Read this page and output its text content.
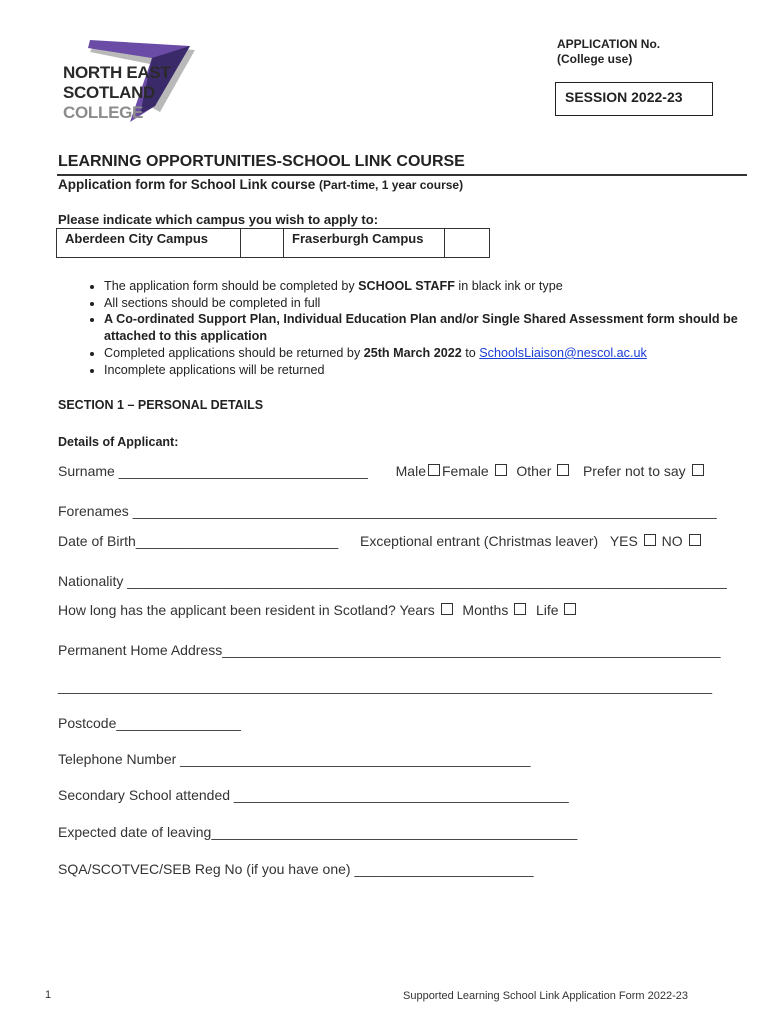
NORTH EAST
SCOTLAND
COLLEGE
APPLICATION No.
(College use)
SESSION 2022-23
LEARNING OPPORTUNITIES-SCHOOL LINK COURSE
Application form for School Link course (Part-time, 1 year course)
Please indicate which campus you wish to apply to:
Aberdeen City Campus		Fraserburgh Campus	
• The application form should be completed by SCHOOL STAFF in black ink or type
• All sections should be completed in full
• A Co-ordinated Support Plan, Individual Education Plan and/or Single Shared Assessment form should be attached to this application
• Completed applications should be returned by 25th March 2022 to SchoolsLiaison@nescol.ac.uk
• Incomplete applications will be returned
SECTION 1 – PERSONAL DETAILS
Details of Applicant:
Surname ________________________________ Male Female Other Prefer not to say
Forenames ___________________________________________________________________________
Date of Birth__________________________ Exceptional entrant (Christmas leaver) YES NO
Nationality _____________________________________________________________________________
How long has the applicant been resident in Scotland? Years Months Life
Permanent Home Address________________________________________________________________
____________________________________________________________________________________
Postcode________________
Telephone Number _____________________________________________
Secondary School attended ___________________________________________
Expected date of leaving_______________________________________________
SQA/SCOTVEC/SEB Reg No (if you have one) _______________________
1	Supported Learning School Link Application Form 2022-23
